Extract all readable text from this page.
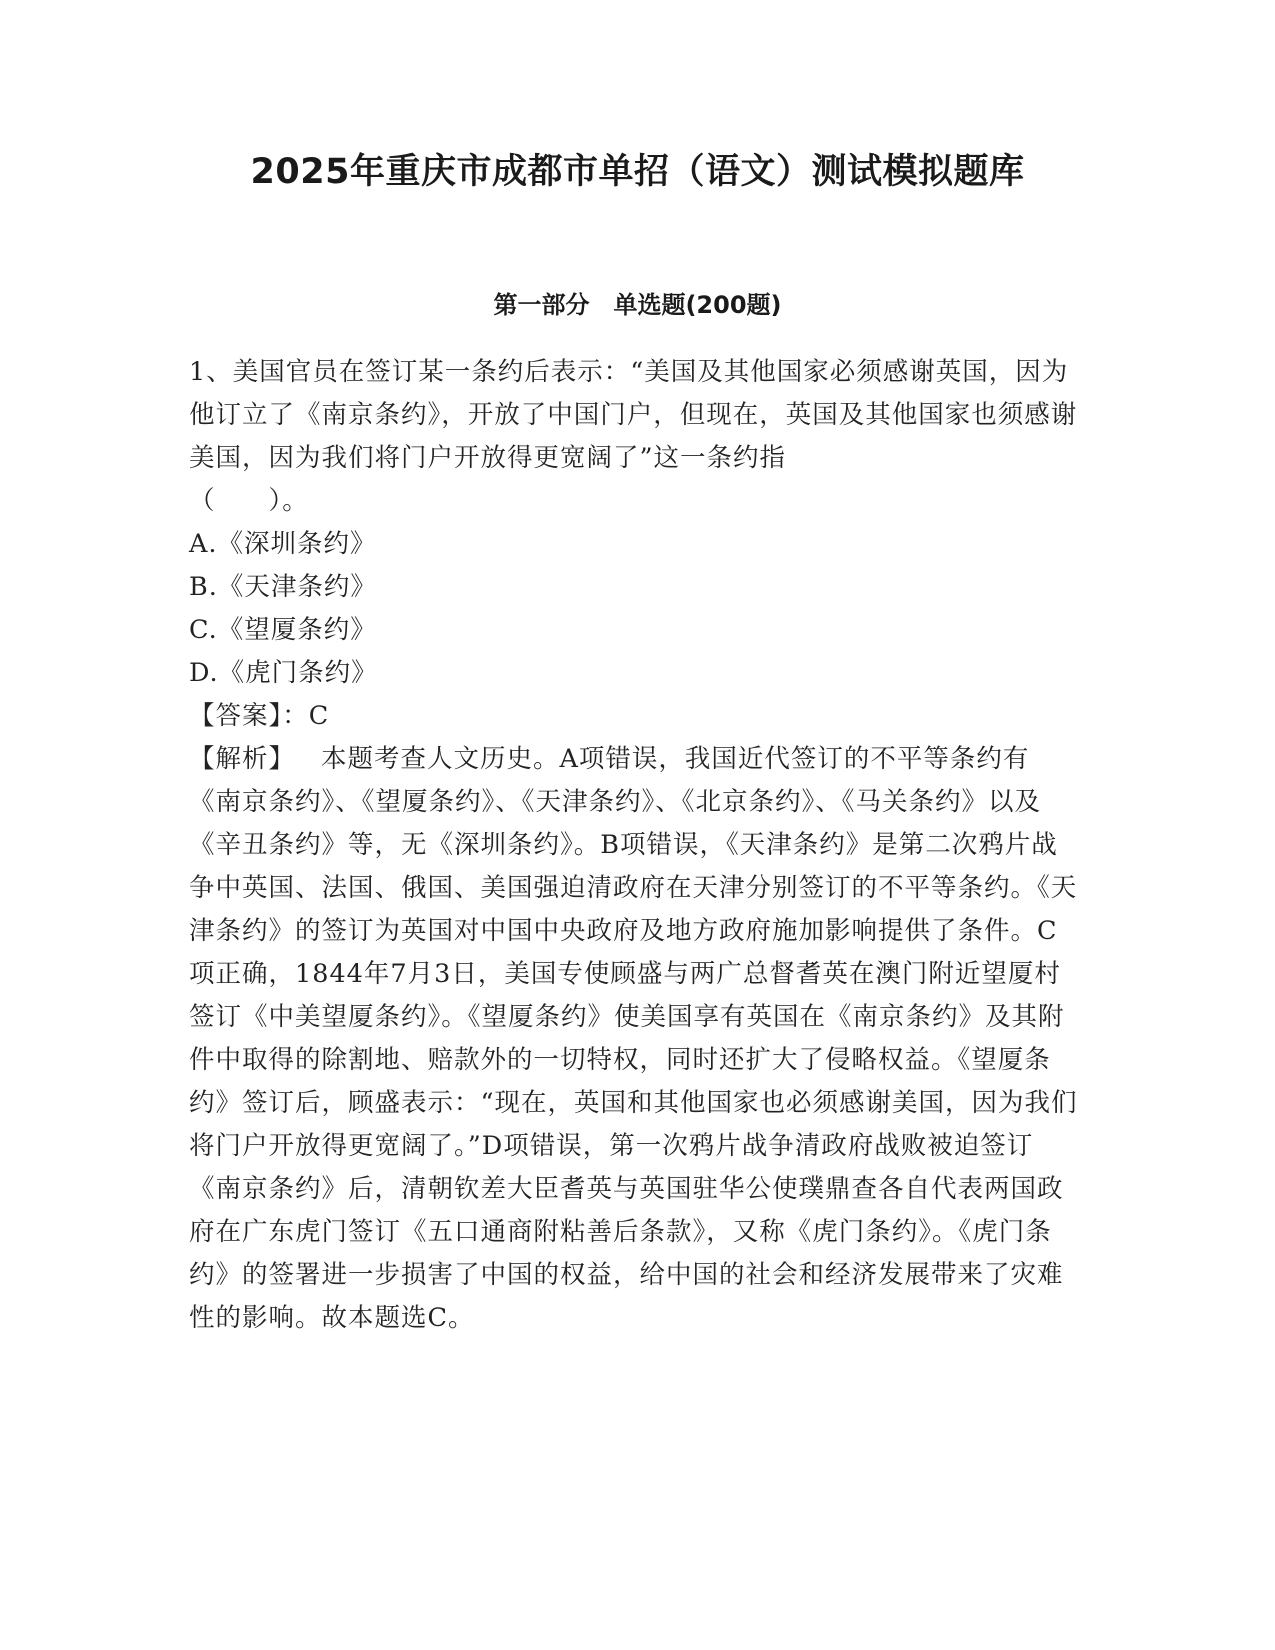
2025年重庆市成都市单招（语文）测试模拟题库
第一部分　单选题(200题)

1、美国官员在签订某一条约后表示：“美国及其他国家必须感谢英国，因为他订立了《南京条约》，开放了中国门户，但现在，英国及其他国家也须感谢美国，因为我们将门户开放得更宽阔了”这一条约指
（　　）。

A.《深圳条约》

B.《天津条约》

C.《望厦条约》

D.《虎门条约》

【答案】：C

【解析】 本题考查人文历史。A项错误，我国近代签订的不平等条约有《南京条约》、《望厦条约》、《天津条约》、《北京条约》、《马关条约》以及《辛丑条约》等，无《深圳条约》。B项错误，《天津条约》是第二次鸦片战争中英国、法国、俄国、美国强迫清政府在天津分别签订的不平等条约。《天津条约》的签订为英国对中国中央政府及地方政府施加影响提供了条件。C项正确，1844年7月3日，美国专使顾盛与两广总督耆英在澳门附近望厦村签订《中美望厦条约》。《望厦条约》使美国享有英国在《南京条约》及其附件中取得的除割地、赔款外的一切特权，同时还扩大了侵略权益。《望厦条约》签订后，顾盛表示：“现在，英国和其他国家也必须感谢美国，因为我们将门户开放得更宽阔了。”D项错误，第一次鸦片战争清政府战败被迫签订《南京条约》后，清朝钦差大臣耆英与英国驻华公使璞鼎查各自代表两国政府在广东虎门签订《五口通商附粘善后条款》，又称《虎门条约》。《虎门条约》的签署进一步损害了中国的权益，给中国的社会和经济发展带来了灾难性的影响。故本题选C。
